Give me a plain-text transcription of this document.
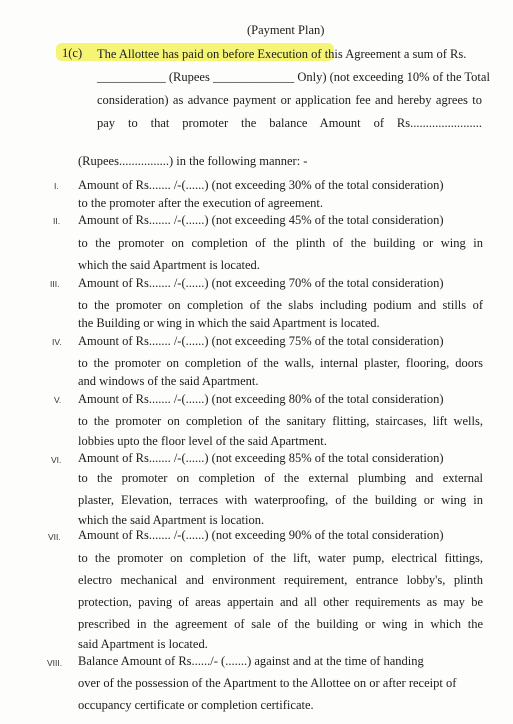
(Payment Plan)
1(c) The Allottee has paid on before Execution of this Agreement a sum of Rs.
___________ (Rupees _____________ Only) (not exceeding 10% of the Total
consideration) as advance payment or application fee and hereby agrees to
pay to that promoter the balance Amount of Rs.......................
(Rupees................) in the following manner: -
I. Amount of Rs....... /-(......) (not exceeding 30% of the total consideration)
to the promoter after the execution of agreement.
II. Amount of Rs....... /-(......) (not exceeding 45% of the total consideration)
to the promoter on completion of the plinth of the building or wing in
which the said Apartment is located.
III. Amount of Rs....... /-(......) (not exceeding 70% of the total consideration)
to the promoter on completion of the slabs including podium and stills of
the Building or wing in which the said Apartment is located.
IV. Amount of Rs....... /-(......) (not exceeding 75% of the total consideration)
to the promoter on completion of the walls, internal plaster, flooring, doors
and windows of the said Apartment.
V. Amount of Rs....... /-(......) (not exceeding 80% of the total consideration)
to the promoter on completion of the sanitary flitting, staircases, lift wells,
lobbies upto the floor level of the said Apartment.
VI. Amount of Rs....... /-(......) (not exceeding 85% of the total consideration)
to the promoter on completion of the external plumbing and external
plaster, Elevation, terraces with waterproofing, of the building or wing in
which the said Apartment is location.
VII. Amount of Rs....... /-(......) (not exceeding 90% of the total consideration)
to the promoter on completion of the lift, water pump, electrical fittings,
electro mechanical and environment requirement, entrance lobby's, plinth
protection, paving of areas appertain and all other requirements as may be
prescribed in the agreement of sale of the building or wing in which the
said Apartment is located.
VIII. Balance Amount of Rs....../- (.......) against and at the time of handing
over of the possession of the Apartment to the Allottee on or after receipt of
occupancy certificate or completion certificate.
